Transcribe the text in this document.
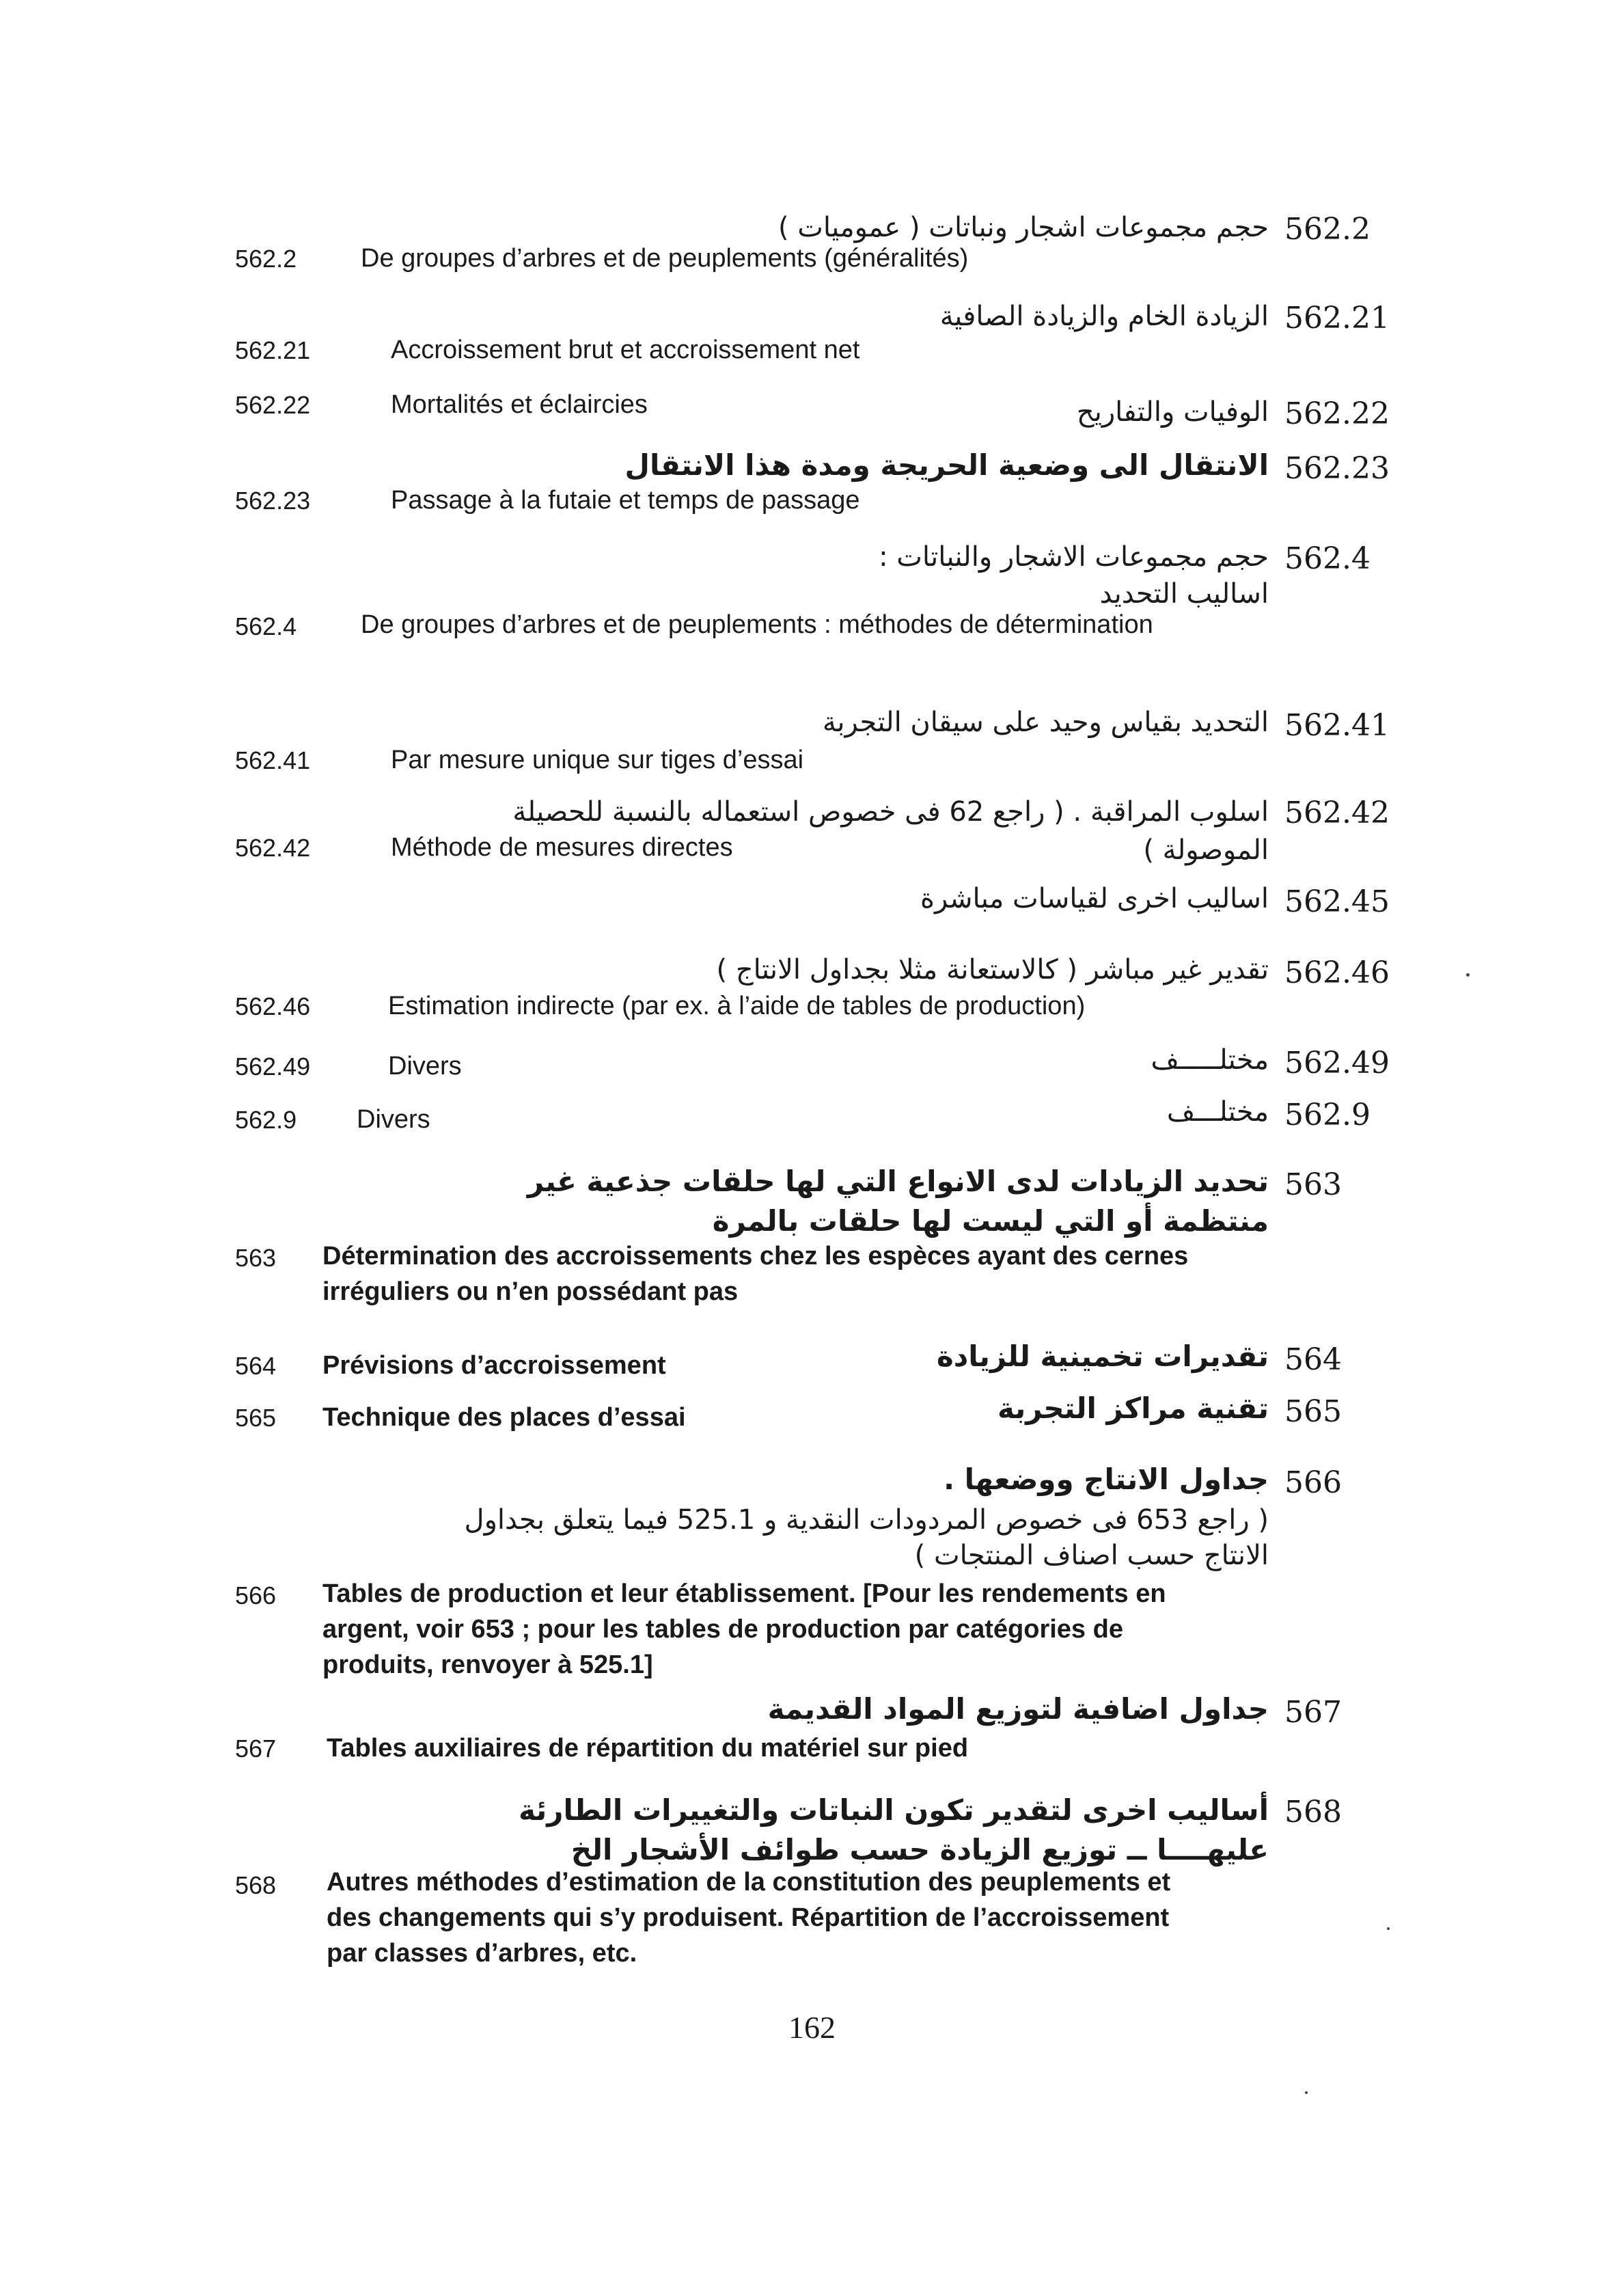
562.2
حجم مجموعات اشجار ونباتات ( عموميات )
562.2 De groupes d’arbres et de peuplements (généralités)
562.21
الزيادة الخام والزيادة الصافية
562.21	Accroissement brut et accroissement net
562.22
الوفيات والتفاريح
562.22	Mortalités et éclaircies
562.23
الانتقال الى وضعية الحريجة ومدة هذا الانتقال
562.23	Passage à la futaie et temps de passage
562.4
حجم مجموعات الاشجار والنباتات : اساليب التحديد
562.4 De groupes d’arbres et de peuplements : méthodes de détermination
562.41
التحديد بقياس وحيد على سيقان التجربة
562.41	Par mesure unique sur tiges d’essai
562.42
اسلوب المراقبة . ( راجع 62 فى خصوص استعماله بالنسبة للحصيلة الموصولة )
562.42	Méthode de mesures directes
562.45
اساليب اخرى لقياسات مباشرة
562.46
تقدير غير مباشر ( كالاستعانة مثلا بجداول الانتاج )
562.46	Estimation indirecte (par ex. à l’aide de tables de production)
562.49
مختلـــــف
562.49	Divers
562.9
مختلـــف
562.9 Divers
563
تحديد الزيادات لدى الانواع التي لها حلقات جذعية غير منتظمة أو التي ليست لها حلقات بالمرة
563 Détermination des accroissements chez les espèces ayant des cernes irréguliers ou n’en possédant pas
564
تقديرات تخمينية للزيادة
564 Prévisions d’accroissement
565
تقنية مراكز التجربة
565 Technique des places d’essai
566
جداول الانتاج ووضعها .
( راجع 653 فى خصوص المردودات النقدية و 525.1 فيما يتعلق بجداول الانتاج حسب اصناف المنتجات )
566 Tables de production et leur établissement. [Pour les rendements en argent, voir 653 ; pour les tables de production par catégories de produits, renvoyer à 525.1]
567
جداول اضافية لتوزيع المواد القديمة
567 Tables auxiliaires de répartition du matériel sur pied
568
أساليب اخرى لتقدير تكون النباتات والتغييرات الطارئة عليهــــا ــ توزيع الزيادة حسب طوائف الأشجار الخ
568 Autres méthodes d’estimation de la constitution des peuplements et des changements qui s’y produisent. Répartition de l’accroissement par classes d’arbres, etc.
162
